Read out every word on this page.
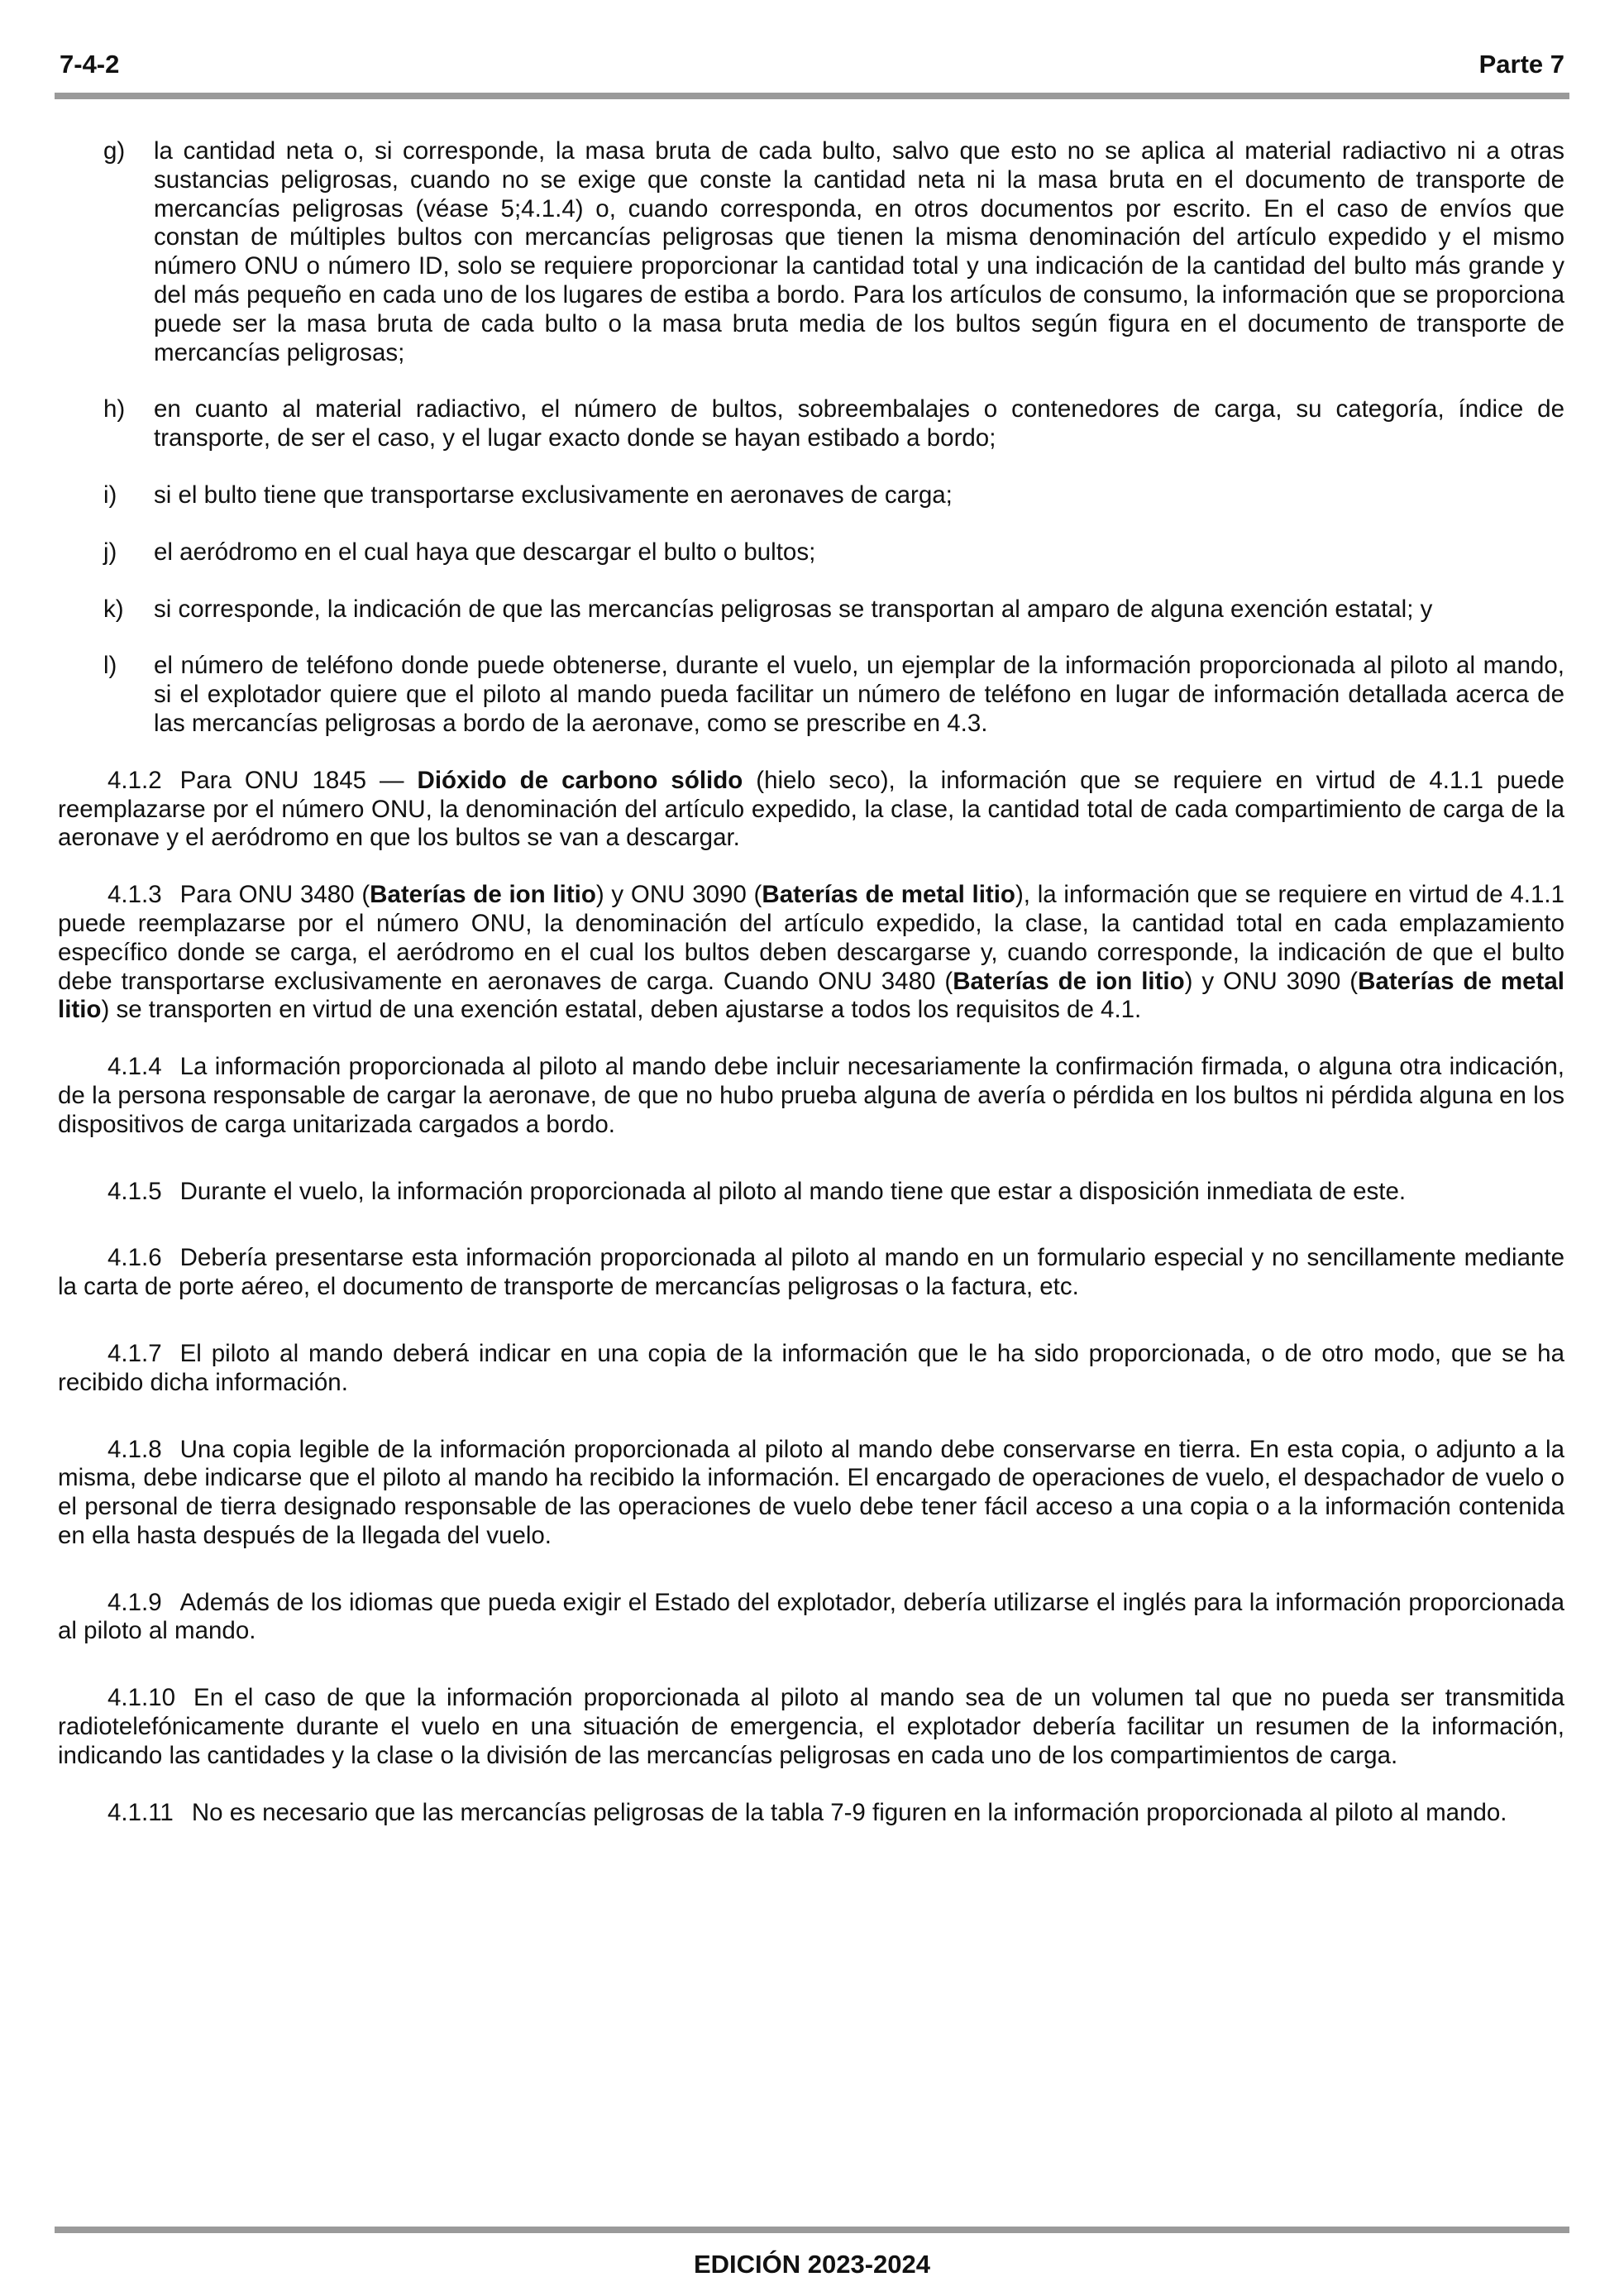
7-4-2	Parte 7
g) la cantidad neta o, si corresponde, la masa bruta de cada bulto, salvo que esto no se aplica al material radiactivo ni a otras sustancias peligrosas, cuando no se exige que conste la cantidad neta ni la masa bruta en el documento de transporte de mercancías peligrosas (véase 5;4.1.4) o, cuando corresponda, en otros documentos por escrito. En el caso de envíos que constan de múltiples bultos con mercancías peligrosas que tienen la misma denominación del artículo expedido y el mismo número ONU o número ID, solo se requiere proporcionar la cantidad total y una indicación de la cantidad del bulto más grande y del más pequeño en cada uno de los lugares de estiba a bordo. Para los artículos de consumo, la información que se proporciona puede ser la masa bruta de cada bulto o la masa bruta media de los bultos según figura en el documento de transporte de mercancías peligrosas;
h) en cuanto al material radiactivo, el número de bultos, sobreembalajes o contenedores de carga, su categoría, índice de transporte, de ser el caso, y el lugar exacto donde se hayan estibado a bordo;
i) si el bulto tiene que transportarse exclusivamente en aeronaves de carga;
j) el aeródromo en el cual haya que descargar el bulto o bultos;
k) si corresponde, la indicación de que las mercancías peligrosas se transportan al amparo de alguna exención estatal; y
l) el número de teléfono donde puede obtenerse, durante el vuelo, un ejemplar de la información proporcionada al piloto al mando, si el explotador quiere que el piloto al mando pueda facilitar un número de teléfono en lugar de información detallada acerca de las mercancías peligrosas a bordo de la aeronave, como se prescribe en 4.3.

4.1.2 Para ONU 1845 — Dióxido de carbono sólido (hielo seco), la información que se requiere en virtud de 4.1.1 puede reemplazarse por el número ONU, la denominación del artículo expedido, la clase, la cantidad total de cada compartimiento de carga de la aeronave y el aeródromo en que los bultos se van a descargar.

4.1.3 Para ONU 3480 (Baterías de ion litio) y ONU 3090 (Baterías de metal litio), la información que se requiere en virtud de 4.1.1 puede reemplazarse por el número ONU, la denominación del artículo expedido, la clase, la cantidad total en cada emplazamiento específico donde se carga, el aeródromo en el cual los bultos deben descargarse y, cuando corresponde, la indicación de que el bulto debe transportarse exclusivamente en aeronaves de carga. Cuando ONU 3480 (Baterías de ion litio) y ONU 3090 (Baterías de metal litio) se transporten en virtud de una exención estatal, deben ajustarse a todos los requisitos de 4.1.

4.1.4 La información proporcionada al piloto al mando debe incluir necesariamente la confirmación firmada, o alguna otra indicación, de la persona responsable de cargar la aeronave, de que no hubo prueba alguna de avería o pérdida en los bultos ni pérdida alguna en los dispositivos de carga unitarizada cargados a bordo.

4.1.5 Durante el vuelo, la información proporcionada al piloto al mando tiene que estar a disposición inmediata de este.

4.1.6 Debería presentarse esta información proporcionada al piloto al mando en un formulario especial y no sencillamente mediante la carta de porte aéreo, el documento de transporte de mercancías peligrosas o la factura, etc.

4.1.7 El piloto al mando deberá indicar en una copia de la información que le ha sido proporcionada, o de otro modo, que se ha recibido dicha información.

4.1.8 Una copia legible de la información proporcionada al piloto al mando debe conservarse en tierra. En esta copia, o adjunto a la misma, debe indicarse que el piloto al mando ha recibido la información. El encargado de operaciones de vuelo, el despachador de vuelo o el personal de tierra designado responsable de las operaciones de vuelo debe tener fácil acceso a una copia o a la información contenida en ella hasta después de la llegada del vuelo.

4.1.9 Además de los idiomas que pueda exigir el Estado del explotador, debería utilizarse el inglés para la información proporcionada al piloto al mando.

4.1.10 En el caso de que la información proporcionada al piloto al mando sea de un volumen tal que no pueda ser transmitida radiotelefónicamente durante el vuelo en una situación de emergencia, el explotador debería facilitar un resumen de la información, indicando las cantidades y la clase o la división de las mercancías peligrosas en cada uno de los compartimientos de carga.

4.1.11 No es necesario que las mercancías peligrosas de la tabla 7-9 figuren en la información proporcionada al piloto al mando.

EDICIÓN 2023-2024
